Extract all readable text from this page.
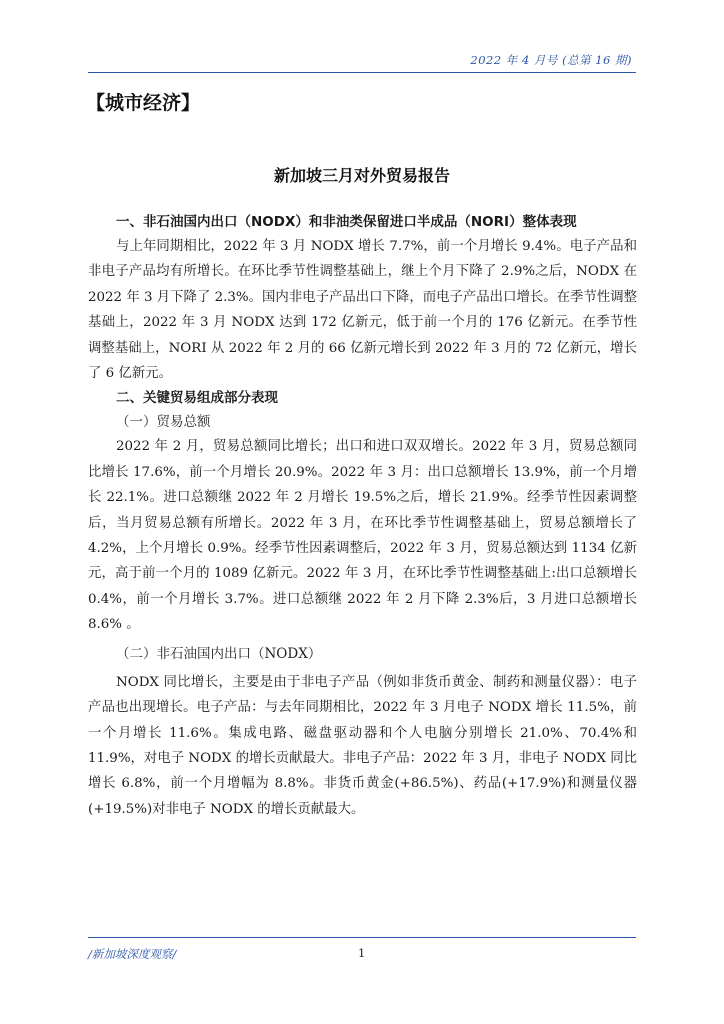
2022 年 4 月号 (总第 16 期)
【城市经济】
新加坡三月对外贸易报告

一、非石油国内出口（NODX）和非油类保留进口半成品（NORI）整体表现

与上年同期相比，2022 年 3 月 NODX 增长 7.7%，前一个月增长 9.4%。电子产品和非电子产品均有所增长。在环比季节性调整基础上，继上个月下降了 2.9%之后，NODX 在 2022 年 3 月下降了 2.3%。国内非电子产品出口下降，而电子产品出口增长。在季节性调整基础上，2022 年 3 月 NODX 达到 172 亿新元，低于前一个月的 176 亿新元。在季节性调整基础上，NORI 从 2022 年 2 月的 66 亿新元增长到 2022 年 3 月的 72 亿新元，增长了 6 亿新元。

二、关键贸易组成部分表现

（一）贸易总额

2022 年 2 月，贸易总额同比增长；出口和进口双双增长。2022 年 3 月，贸易总额同比增长 17.6%，前一个月增长 20.9%。2022 年 3 月：出口总额增长 13.9%，前一个月增长 22.1%。进口总额继 2022 年 2 月增长 19.5%之后，增长 21.9%。经季节性因素调整后，当月贸易总额有所增长。2022 年 3 月，在环比季节性调整基础上，贸易总额增长了 4.2%，上个月增长 0.9%。经季节性因素调整后，2022 年 3 月，贸易总额达到 1134 亿新元，高于前一个月的 1089 亿新元。2022 年 3 月，在环比季节性调整基础上:出口总额增长 0.4%，前一个月增长 3.7%。进口总额继 2022 年 2 月下降 2.3%后，3 月进口总额增长 8.6% 。

（二）非石油国内出口（NODX）

NODX 同比增长，主要是由于非电子产品（例如非货币黄金、制药和测量仪器）：电子产品也出现增长。电子产品：与去年同期相比，2022 年 3 月电子 NODX 增长 11.5%，前一个月增长 11.6%。集成电路、磁盘驱动器和个人电脑分别增长 21.0%、70.4%和 11.9%，对电子 NODX 的增长贡献最大。非电子产品：2022 年 3 月，非电子 NODX 同比增长 6.8%，前一个月增幅为 8.8%。非货币黄金(+86.5%)、药品(+17.9%)和测量仪器(+19.5%)对非电子 NODX 的增长贡献最大。

/新加坡深度观察/	1
